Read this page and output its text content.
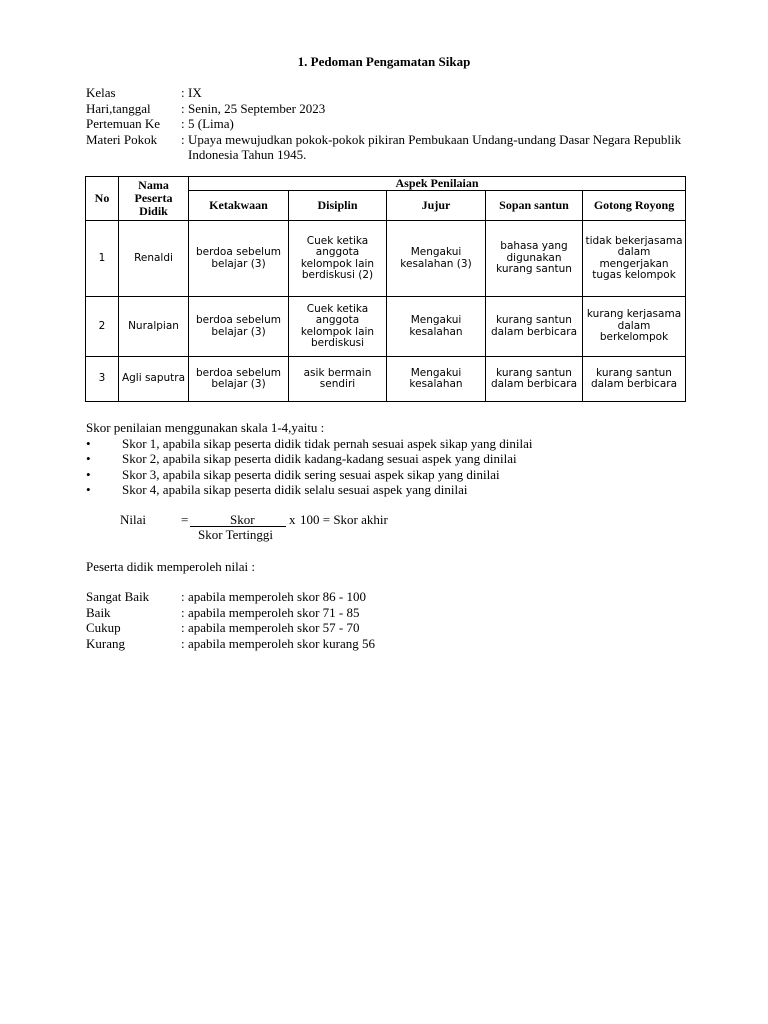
1. Pedoman Pengamatan Sikap
Kelas	: IX
Hari,tanggal	: Senin, 25 September 2023
Pertemuan Ke	: 5 (Lima)
Materi Pokok	: Upaya mewujudkan pokok-pokok pikiran Pembukaan Undang-undang Dasar Negara Republik Indonesia Tahun 1945.
No	Nama Peserta Didik	Aspek Penilaian				
		Ketakwaan	Disiplin	Jujur	Sopan santun	Gotong Royong
1	Renaldi	berdoa sebelum belajar (3)	Cuek ketika anggota kelompok lain berdiskusi (2)	Mengakui kesalahan (3)	bahasa yang digunakan kurang santun	tidak bekerjasama dalam mengerjakan tugas kelompok
2	Nuralpian	berdoa sebelum belajar (3)	Cuek ketika anggota kelompok lain berdiskusi	Mengakui kesalahan	kurang santun dalam berbicara	kurang kerjasama dalam berkelompok
3	Agli saputra	berdoa sebelum belajar (3)	asik bermain sendiri	Mengakui kesalahan	kurang santun dalam berbicara	kurang santun dalam berbicara
Skor penilaian menggunakan skala 1-4,yaitu :
•	Skor 1, apabila sikap peserta didik tidak pernah sesuai aspek sikap yang dinilai
•	Skor 2, apabila sikap peserta didik kadang-kadang sesuai aspek yang dinilai
•	Skor 3, apabila sikap peserta didik sering sesuai aspek sikap yang dinilai
•	Skor 4, apabila sikap peserta didik selalu sesuai aspek yang dinilai
Nilai	=	Skor
Skor Tertinggi
x 100 = Skor akhir
Peserta didik memperoleh nilai :
Sangat Baik	: apabila memperoleh skor 86 - 100
Baik	: apabila memperoleh skor 71 - 85
Cukup	: apabila memperoleh skor 57 - 70
Kurang	: apabila memperoleh skor kurang 56
